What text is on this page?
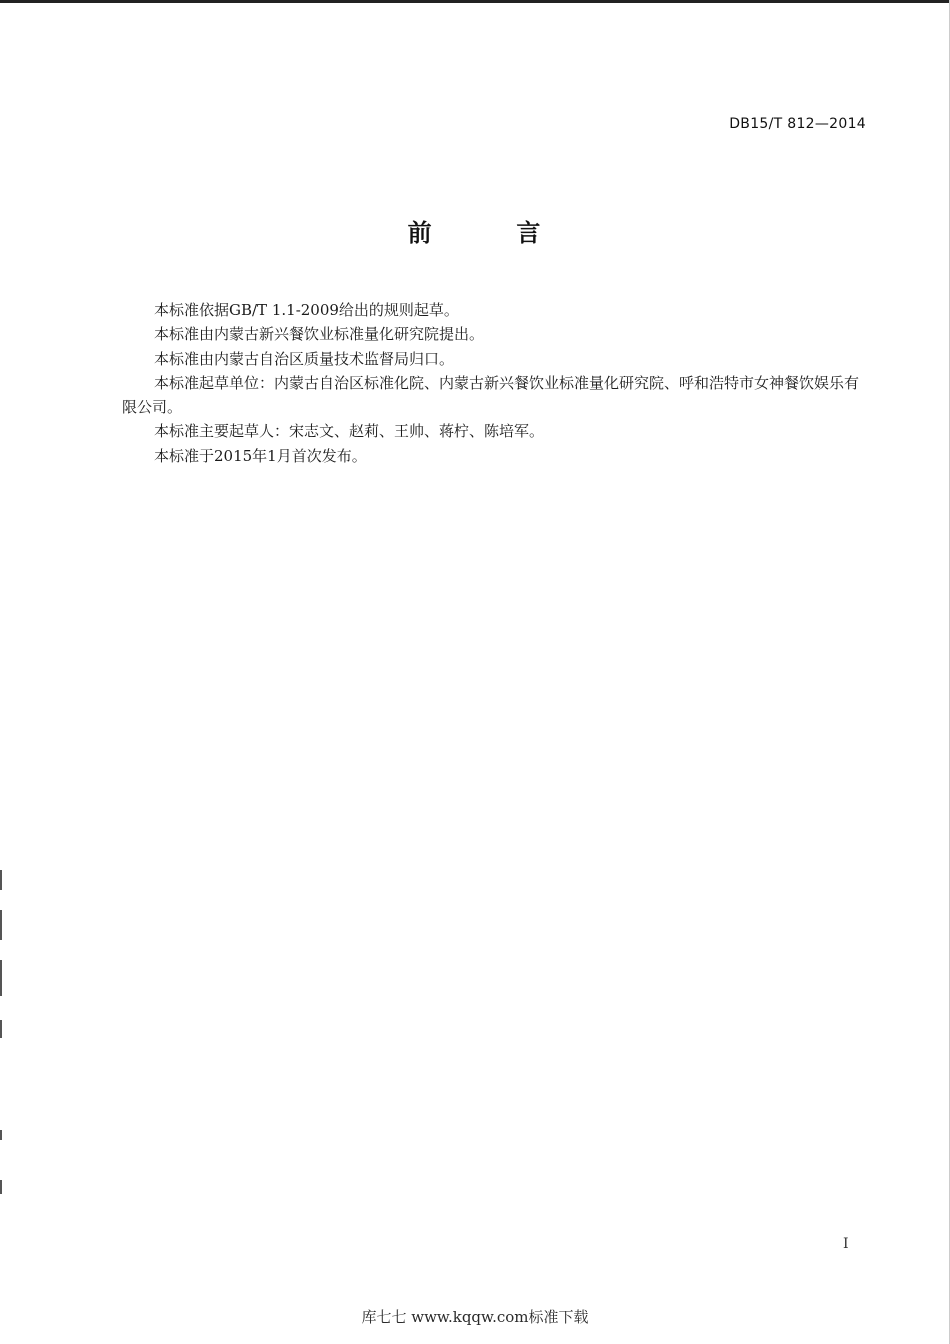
DB15/T 812—2014
前        言

本标准依据GB/T 1.1-2009给出的规则起草。

本标准由内蒙古新兴餐饮业标准量化研究院提出。

本标准由内蒙古自治区质量技术监督局归口。

本标准起草单位：内蒙古自治区标准化院、内蒙古新兴餐饮业标准量化研究院、呼和浩特市女神餐饮娱乐有限公司。

本标准主要起草人：宋志文、赵莉、王帅、蒋柠、陈培军。

本标准于2015年1月首次发布。

I
库七七 www.kqqw.com标准下载
